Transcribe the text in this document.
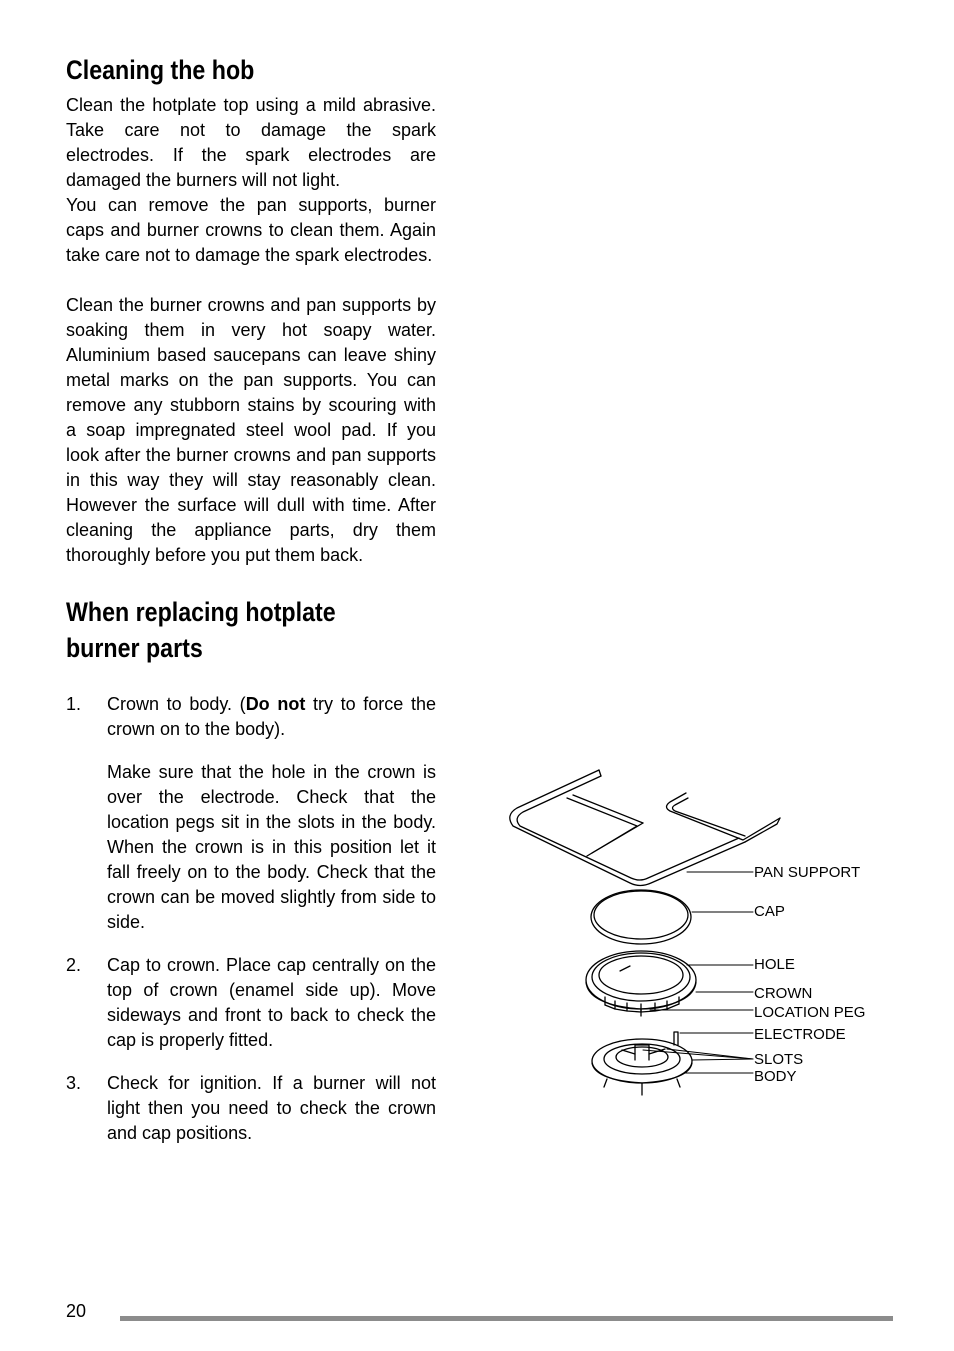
Cleaning the hob

Clean the hotplate top using a mild abrasive. Take care not to damage the spark electrodes. If the spark electrodes are damaged the burners will not light.

You can remove the pan supports, burner caps and burner crowns to clean them. Again take care not to damage the spark electrodes.

Clean the burner crowns and pan supports by soaking them in very hot soapy water. Aluminium based saucepans can leave shiny metal marks on the pan supports. You can remove any stubborn stains by scouring with a soap impregnated steel wool pad. If you look after the burner crowns and pan supports in this way they will stay reasonably clean. However the surface will dull with time. After cleaning the appliance parts, dry them thoroughly before you put them back.

When replacing hotplate
burner parts
1. Crown to body. (Do not try to force the crown on to the body).

Make sure that the hole in the crown is over the electrode. Check that the location pegs sit in the slots in the body. When the crown is in this position let it fall freely on to the body. Check that the crown can be moved slightly from side to side.

2. Cap to crown. Place cap centrally on the top of crown (enamel side up). Move sideways and front to back to check the cap is properly fitted.

3. Check for ignition. If a burner will not light then you need to check the crown and cap positions.

PAN SUPPORT
CAP
HOLE
CROWN
LOCATION PEG
ELECTRODE
SLOTS
BODY
20
